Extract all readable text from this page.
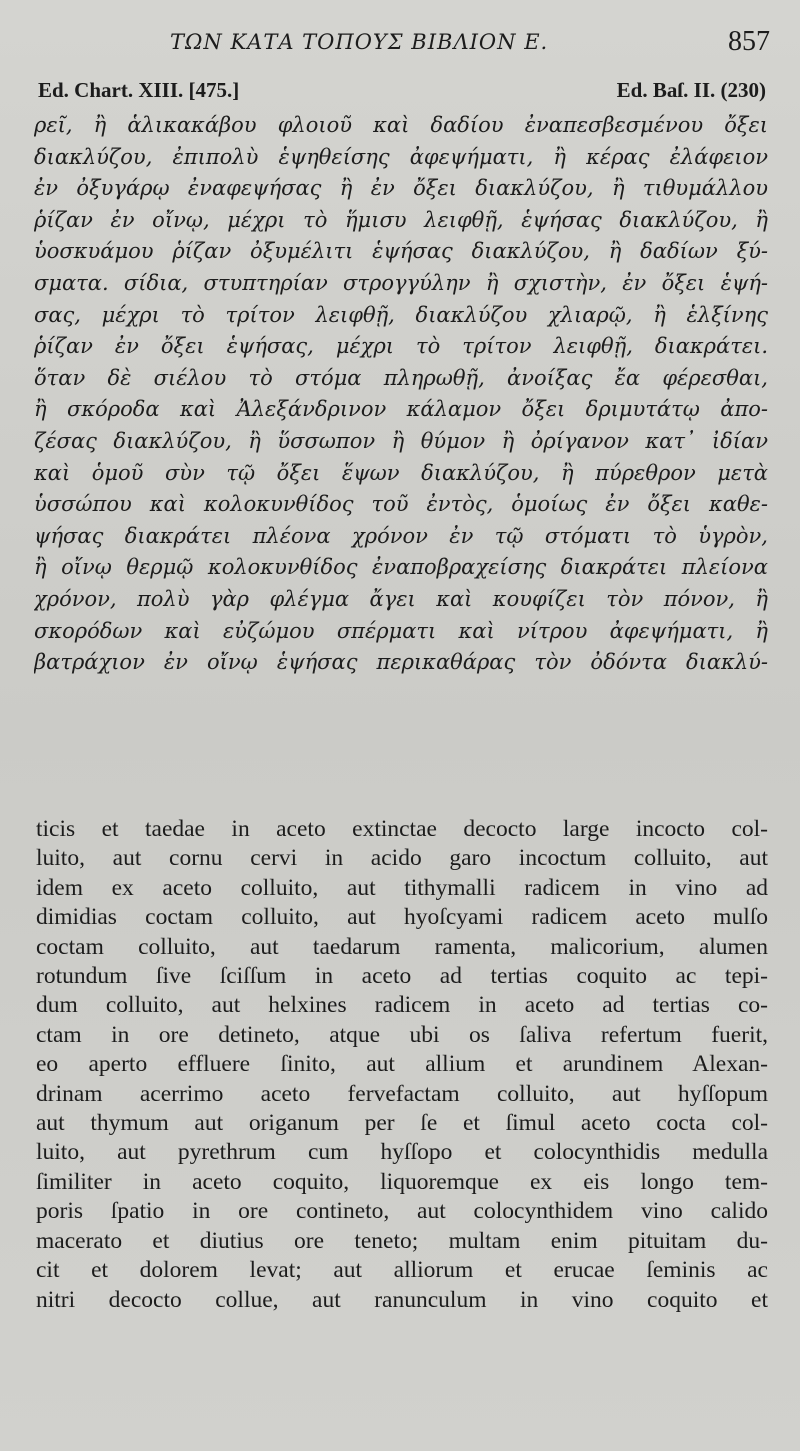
ΤΩΝ ΚΑΤΑ ΤΟΠΟΥΣ ΒΙΒΛΙΟΝ Ε.	857
Ed. Chart. XIII. [475.]	Ed. Baſ. II. (230)
ρεῖ, ἢ ἁλικακάβου φλοιοῦ καὶ δαδίου ἐναπεσβεσμένου ὄξει
διακλύζου, ἐπιπολὺ ἑψηθείσης ἀφεψήματι, ἢ κέρας ἐλάφειον
ἐν ὀξυγάρῳ ἐναφεψήσας ἢ ἐν ὄξει διακλύζου, ἢ τιθυμάλλου
ῥίζαν ἐν οἴνῳ, μέχρι τὸ ἥμισυ λειφθῇ, ἑψήσας διακλύζου, ἢ
ὑοσκυάμου ῥίζαν ὀξυμέλιτι ἑψήσας διακλύζου, ἢ δαδίων ξύ-
σματα. σίδια, στυπτηρίαν στρογγύλην ἢ σχιστὴν, ἐν ὄξει ἑψή-
σας, μέχρι τὸ τρίτον λειφθῇ, διακλύζου χλιαρῷ, ἢ ἑλξίνης
ῥίζαν ἐν ὄξει ἑψήσας, μέχρι τὸ τρίτον λειφθῇ, διακράτει.
ὅταν δὲ σιέλου τὸ στόμα πληρωθῇ, ἀνοίξας ἔα φέρεσθαι,
ἢ σκόροδα καὶ Ἀλεξάνδρινον κάλαμον ὄξει δριμυτάτῳ ἀπο-
ζέσας διακλύζου, ἢ ὕσσωπον ἢ θύμον ἢ ὀρίγανον κατ᾽ ἰδίαν
καὶ ὁμοῦ σὺν τῷ ὄξει ἕψων διακλύζου, ἢ πύρεθρον μετὰ
ὑσσώπου καὶ κολοκυνθίδος τοῦ ἐντὸς, ὁμοίως ἐν ὄξει καθε-
ψήσας διακράτει πλέονα χρόνον ἐν τῷ στόματι τὸ ὑγρὸν,
ἢ οἴνῳ θερμῷ κολοκυνθίδος ἐναποβραχείσης διακράτει πλείονα
χρόνον, πολὺ γὰρ φλέγμα ἄγει καὶ κουφίζει τὸν πόνον, ἢ
σκορόδων καὶ εὐζώμου σπέρματι καὶ νίτρου ἀφεψήματι, ἢ
βατράχιον ἐν οἴνῳ ἑψήσας περικαθάρας τὸν ὀδόντα διακλύ-
ticis et taedae in aceto extinctae decocto large incocto col-
luito, aut cornu cervi in acido garo incoctum colluito, aut
idem ex aceto colluito, aut tithymalli radicem in vino ad
dimidias coctam colluito, aut hyoſcyami radicem aceto mulſo
coctam colluito, aut taedarum ramenta, malicorium, alumen
rotundum ſive ſciſſum in aceto ad tertias coquito ac tepi-
dum colluito, aut helxines radicem in aceto ad tertias co-
ctam in ore detineto, atque ubi os ſaliva refertum fuerit,
eo aperto effluere ſinito, aut allium et arundinem Alexan-
drinam acerrimo aceto fervefactam colluito, aut hyſſopum
aut thymum aut origanum per ſe et ſimul aceto cocta col-
luito, aut pyrethrum cum hyſſopo et colocynthidis medulla
ſimiliter in aceto coquito, liquoremque ex eis longo tem-
poris ſpatio in ore contineto, aut colocynthidem vino calido
macerato et diutius ore teneto; multam enim pituitam du-
cit et dolorem levat; aut alliorum et erucae ſeminis ac
nitri decocto collue, aut ranunculum in vino coquito et
